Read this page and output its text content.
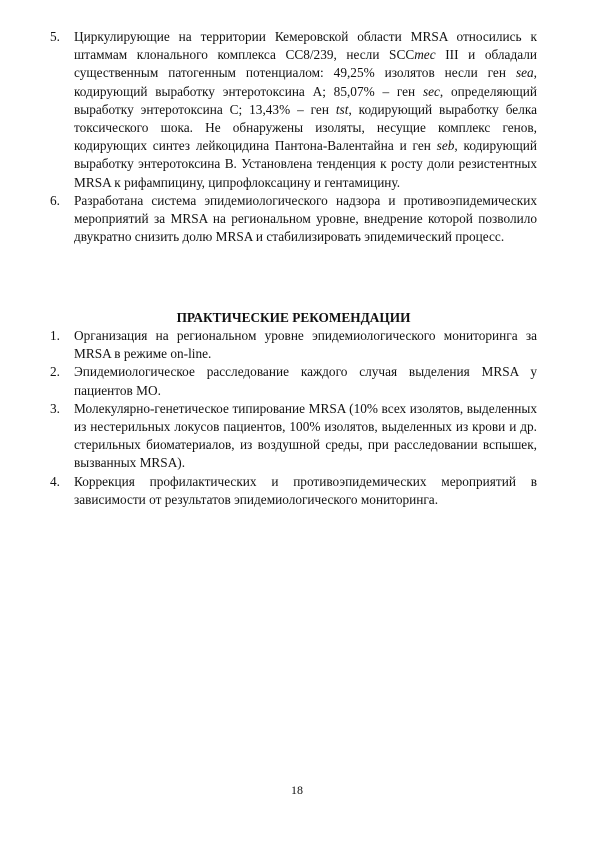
5. Циркулирующие на территории Кемеровской области MRSA относились к штаммам клонального комплекса СС8/239, несли SCCmec III и обладали существенным патогенным потенциалом: 49,25% изолятов несли ген sea, кодирующий выработку энтеротоксина А; 85,07% – ген sec, определяющий выработку энтеротоксина С; 13,43% – ген tst, кодирующий выработку белка токсического шока. Не обнаружены изоляты, несущие комплекс генов, кодирующих синтез лейкоцидина Пантона-Валентайна и ген seb, кодирующий выработку энтеротоксина В. Установлена тенденция к росту доли резистентных MRSA к рифампицину, ципрофлоксацину и гентамицину.
6. Разработана система эпидемиологического надзора и противоэпидемических мероприятий за MRSA на региональном уровне, внедрение которой позволило двукратно снизить долю MRSA и стабилизировать эпидемический процесс.
ПРАКТИЧЕСКИЕ РЕКОМЕНДАЦИИ
1. Организация на региональном уровне эпидемиологического мониторинга за MRSA в режиме on-line.
2. Эпидемиологическое расследование каждого случая выделения MRSA у пациентов МО.
3. Молекулярно-генетическое типирование MRSA (10% всех изолятов, выделенных из нестерильных локусов пациентов, 100% изолятов, выделенных из крови и др. стерильных биоматериалов, из воздушной среды, при расследовании вспышек, вызванных MRSA).
4. Коррекция профилактических и противоэпидемических мероприятий в зависимости от результатов эпидемиологического мониторинга.
18
